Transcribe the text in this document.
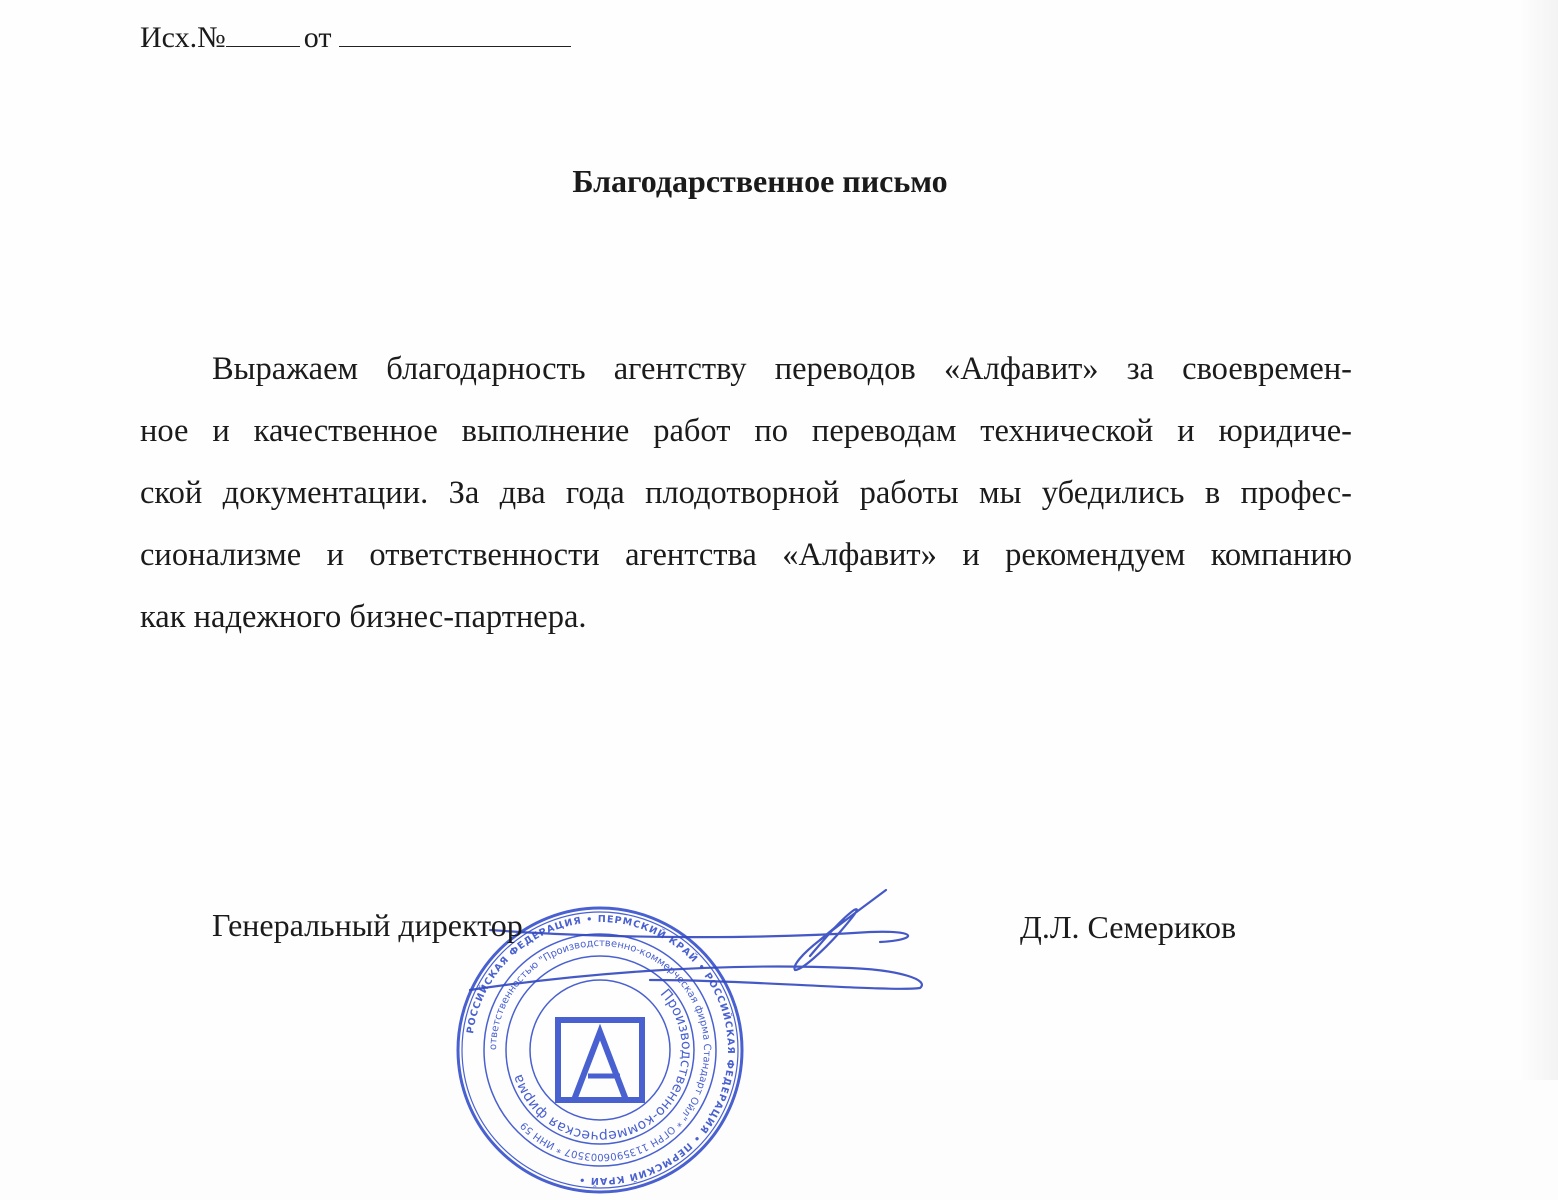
Исх.№	от
Благодарственное письмо
Выражаем благодарность агентству переводов «Алфавит» за своевремен-
ное и качественное выполнение работ по переводам технической и юридиче-
ской документации. За два года плодотворной работы мы убедились в профес-
сионализме и ответственности агентства «Алфавит» и рекомендуем компанию
как надежного бизнес-партнера.
РОССИЙСКАЯ ФЕДЕРАЦИЯ • ПЕРМСКИЙ КРАЙ • РОССИЙСКАЯ ФЕДЕРАЦИЯ • ПЕРМСКИЙ КРАЙ •
ответственностью "Производственно-коммерческая фирма Стандарт Ойл" * ОГРН 1135906003507 * ИНН 59
Производственно-коммерческая фирма
Генеральный директор	Д.Л. Семериков
